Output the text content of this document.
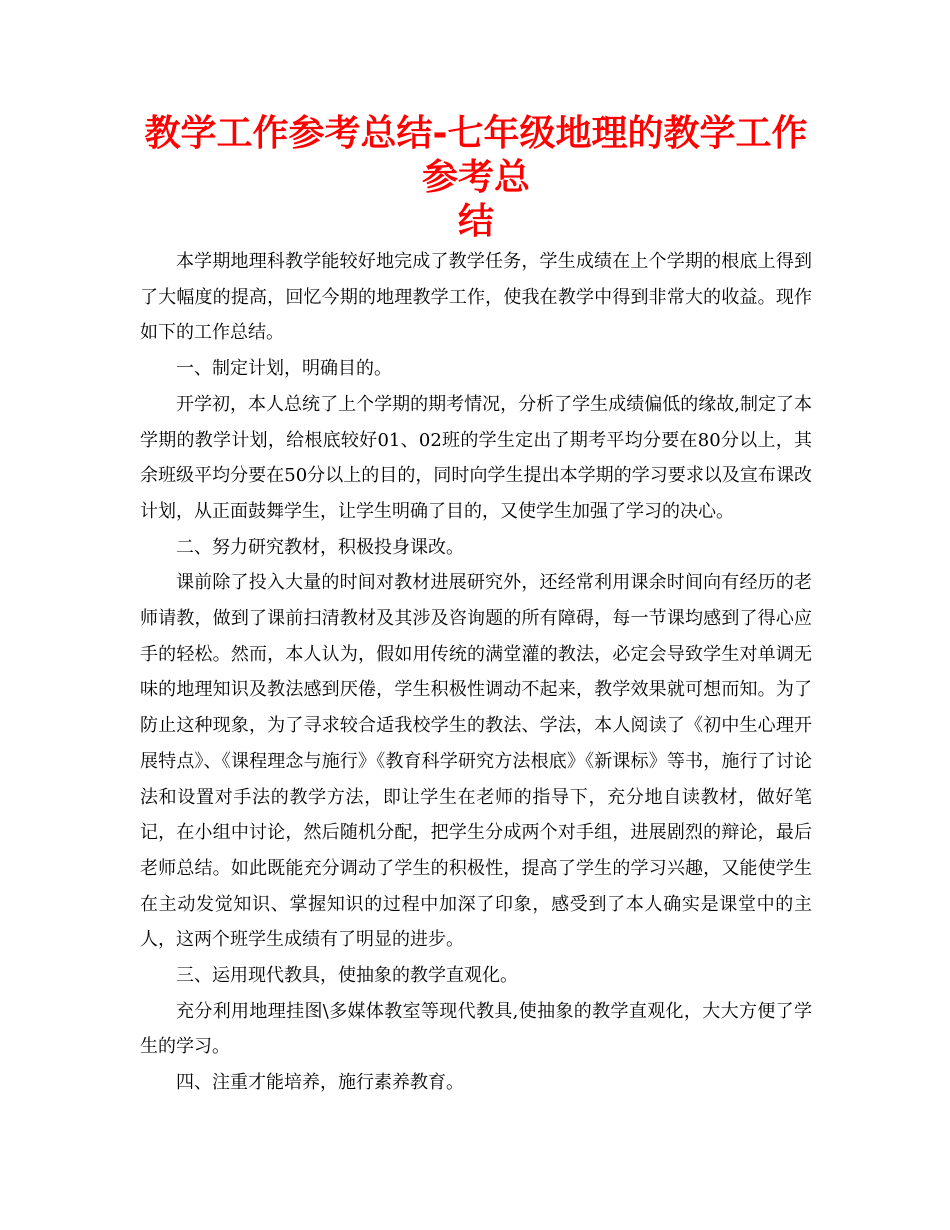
教学工作参考总结-七年级地理的教学工作参考总
结

本学期地理科教学能较好地完成了教学任务，学生成绩在上个学期的根底上得到了大幅度的提高，回忆今期的地理教学工作，使我在教学中得到非常大的收益。现作如下的工作总结。

一、制定计划，明确目的。

开学初，本人总统了上个学期的期考情况，分析了学生成绩偏低的缘故,制定了本学期的教学计划，给根底较好01、02班的学生定出了期考平均分要在80分以上，其余班级平均分要在50分以上的目的，同时向学生提出本学期的学习要求以及宣布课改计划，从正面鼓舞学生，让学生明确了目的，又使学生加强了学习的决心。

二、努力研究教材，积极投身课改。

课前除了投入大量的时间对教材进展研究外，还经常利用课余时间向有经历的老师请教，做到了课前扫清教材及其涉及咨询题的所有障碍，每一节课均感到了得心应手的轻松。然而，本人认为，假如用传统的满堂灌的教法，必定会导致学生对单调无味的地理知识及教法感到厌倦，学生积极性调动不起来，教学效果就可想而知。为了防止这种现象，为了寻求较合适我校学生的教法、学法，本人阅读了《初中生心理开展特点》、《课程理念与施行》《教育科学研究方法根底》《新课标》等书，施行了讨论法和设置对手法的教学方法，即让学生在老师的指导下，充分地自读教材，做好笔记，在小组中讨论，然后随机分配，把学生分成两个对手组，进展剧烈的辩论，最后老师总结。如此既能充分调动了学生的积极性，提高了学生的学习兴趣，又能使学生在主动发觉知识、掌握知识的过程中加深了印象，感受到了本人确实是课堂中的主人，这两个班学生成绩有了明显的进步。

三、运用现代教具，使抽象的教学直观化。

充分利用地理挂图\多媒体教室等现代教具,使抽象的教学直观化，大大方便了学生的学习。

四、注重才能培养，施行素养教育。
